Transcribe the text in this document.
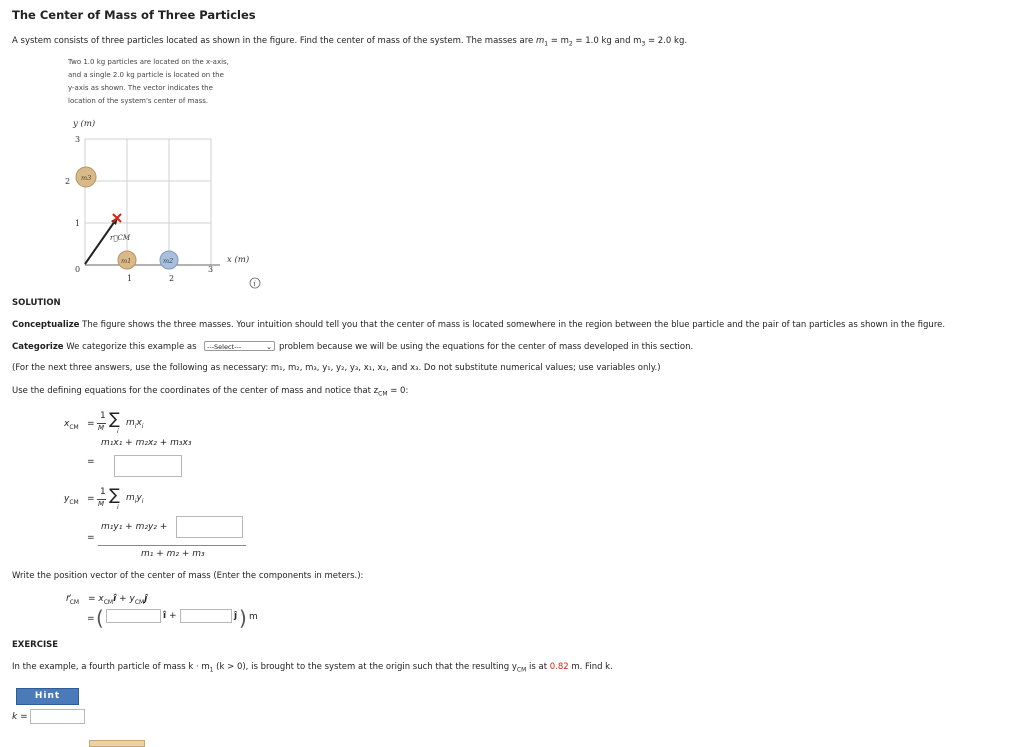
The Center of Mass of Three Particles
A system consists of three particles located as shown in the figure. Find the center of mass of the system. The masses are $m_1 = m_2 = 1.0$ kg and $m_3 = 2.0$ kg.
Two 1.0 kg particles are located on the x-axis,
and a single 2.0 kg particle is located on the
y-axis as shown. The vector indicates the
location of the system's center of mass.
y (m)
x (m)
3
2
1
0
1	2
3
m3
m1	m2
r⃗CM
i
SOLUTION
Conceptualize The figure shows the three masses. Your intuition should tell you that the center of mass is located somewhere in the region between the blue particle and the pair of tan particles as shown in the figure.
Categorize We categorize this example as	---Select---	⌄ problem because we will be using the equations for the center of mass developed in this section.
(For the next three answers, use the following as necessary: m₁, m₂, m₃, y₁, y₂, y₃, x₁, x₂, and x₃. Do not substitute numerical values; use variables only.)
Use the defining equations for the coordinates of the center of mass and notice that $z_{CM} = 0$:
$x_{CM}$ =
1
M ∑
i
$m_ix_i$
m₁x₁ + m₂x₂ + m₃x₃
=
$y_{CM}$ =
1
M ∑
i
$m_iy_i$
=
m₁y₁ + m₂y₂ +
m₁ + m₂ + m₃
Write the position vector of the center of mass (Enter the components in meters.):
$r⃗_{CM}$ = $x_{CM}î$ + $y_{CM}ĵ$
= (	î +	ĵ ) m
EXERCISE
In the example, a fourth particle of mass $k \cdot m_1$ (k > 0), is brought to the system at the origin such that the resulting $y_{CM}$ is at 0.82 m. Find k.
Hint
k =
